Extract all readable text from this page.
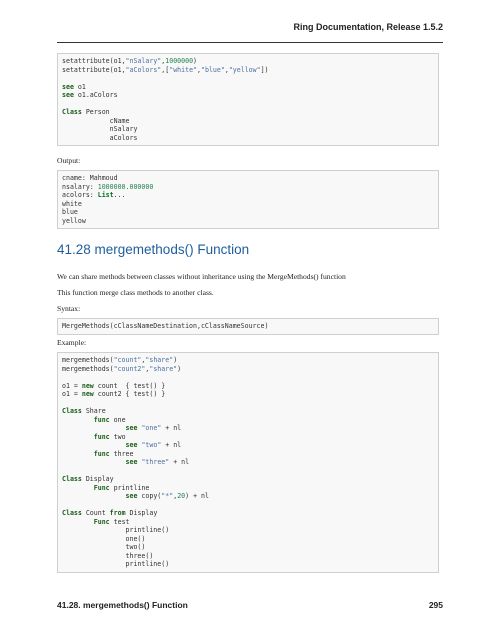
Ring Documentation, Release 1.5.2
setattribute(o1,"nSalary",1000000)
setattribute(o1,"aColors",["white","blue","yellow"])

see o1
see o1.aColors

Class Person
cName
nSalary
aColors
Output:
cname: Mahmoud
nsalary: 1000000.000000
acolors: List...
white
blue
yellow
41.28 mergemethods() Function
We can share methods between classes without inheritance using the MergeMethods() function
This function merge class methods to another class.
Syntax:
MergeMethods(cClassNameDestination,cClassNameSource)
Example:
mergemethods("count","share")
mergemethods("count2","share")

o1 = new count  { test() }
o1 = new count2 { test() }

Class Share
func one
see "one" + nl
func two
see "two" + nl
func three
see "three" + nl

Class Display
Func printline
see copy("*",20) + nl

Class Count from Display
Func test
printline()
one()
two()
three()
printline()
41.28. mergemethods() Function	295
